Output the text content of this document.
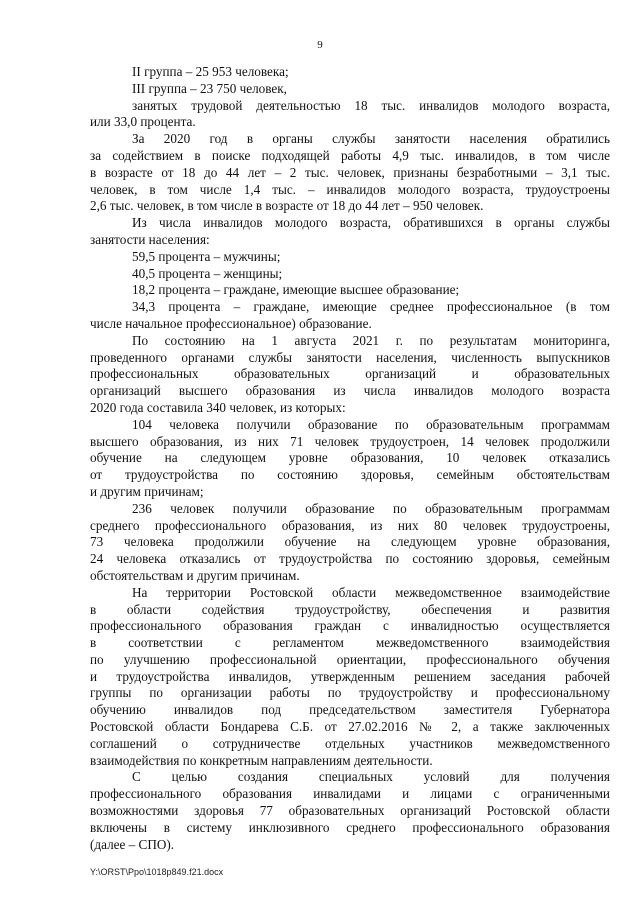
9
II группа – 25 953 человека;
III группа – 23 750 человек,
занятых трудовой деятельностью 18 тыс. инвалидов молодого возраста,
или 33,0 процента.
За 2020 год в органы службы занятости населения обратились
за содействием в поиске подходящей работы 4,9 тыс. инвалидов, в том числе
в возрасте от 18 до 44 лет – 2 тыс. человек, признаны безработными – 3,1 тыс.
человек, в том числе 1,4 тыс. – инвалидов молодого возраста, трудоустроены
2,6 тыс. человек, в том числе в возрасте от 18 до 44 лет – 950 человек.
Из числа инвалидов молодого возраста, обратившихся в органы службы
занятости населения:
59,5 процента – мужчины;
40,5 процента – женщины;
18,2 процента – граждане, имеющие высшее образование;
34,3 процента – граждане, имеющие среднее профессиональное (в том
числе начальное профессиональное) образование.
По состоянию на 1 августа 2021 г. по результатам мониторинга,
проведенного органами службы занятости населения, численность выпускников
профессиональных образовательных организаций и образовательных
организаций высшего образования из числа инвалидов молодого возраста
2020 года составила 340 человек, из которых:
104 человека получили образование по образовательным программам
высшего образования, из них 71 человек трудоустроен, 14 человек продолжили
обучение на следующем уровне образования, 10 человек отказались
от трудоустройства по состоянию здоровья, семейным обстоятельствам
и другим причинам;
236 человек получили образование по образовательным программам
среднего профессионального образования, из них 80 человек трудоустроены,
73 человека продолжили обучение на следующем уровне образования,
24 человека отказались от трудоустройства по состоянию здоровья, семейным
обстоятельствам и другим причинам.
На территории Ростовской области межведомственное взаимодействие
в области содействия трудоустройству, обеспечения и развития
профессионального образования граждан с инвалидностью осуществляется
в соответствии с регламентом межведомственного взаимодействия
по улучшению профессиональной ориентации, профессионального обучения
и трудоустройства инвалидов, утвержденным решением заседания рабочей
группы по организации работы по трудоустройству и профессиональному
обучению инвалидов под председательством заместителя Губернатора
Ростовской области Бондарева С.Б. от 27.02.2016 № 2, а также заключенных
соглашений о сотрудничестве отдельных участников межведомственного
взаимодействия по конкретным направлениям деятельности.
С целью создания специальных условий для получения
профессионального образования инвалидами и лицами с ограниченными
возможностями здоровья 77 образовательных организаций Ростовской области
включены в систему инклюзивного среднего профессионального образования
(далее – СПО).
Y:\ORST\Ppo\1018p849.f21.docx
